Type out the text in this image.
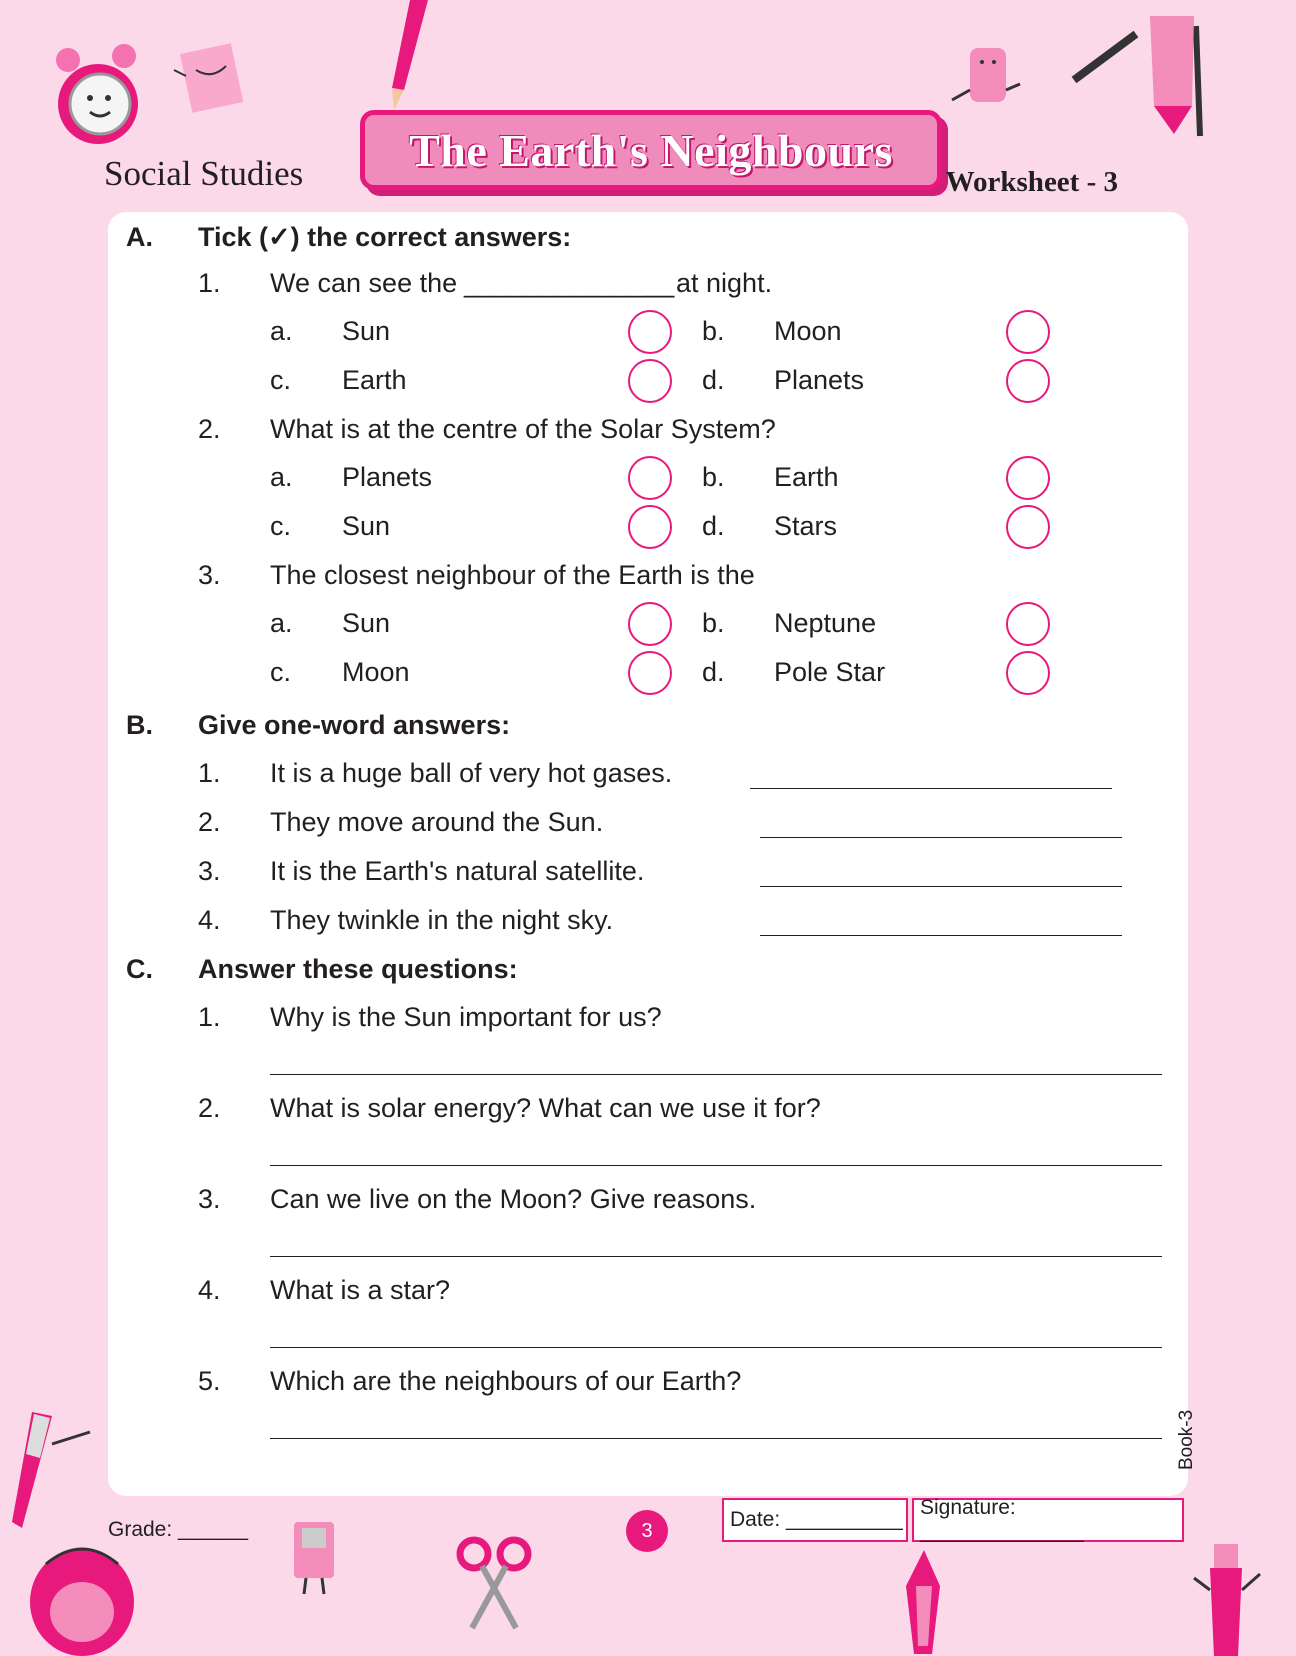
Social Studies The Earth's Neighbours
Worksheet - 3
A. Tick (✓) the correct answers:
1. We can see the ______________ at night.
a. Sun	b. Moon
c. Earth	d. Planets
2. What is at the centre of the Solar System?
a. Planets	b. Earth
c. Sun	d. Stars
3. The closest neighbour of the Earth is the
a. Sun	b. Neptune
c. Moon	d. Pole Star
B. Give one-word answers:
1. It is a huge ball of very hot gases.
2. They move around the Sun.
3. It is the Earth's natural satellite.
4. They twinkle in the night sky.
C. Answer these questions:
1. Why is the Sun important for us?
2. What is solar energy? What can we use it for?
3. Can we live on the Moon? Give reasons.
4. What is a star?
5. Which are the neighbours of our Earth?
Grade: ______	3	Date: __________
Signature: ______________
Book-3
